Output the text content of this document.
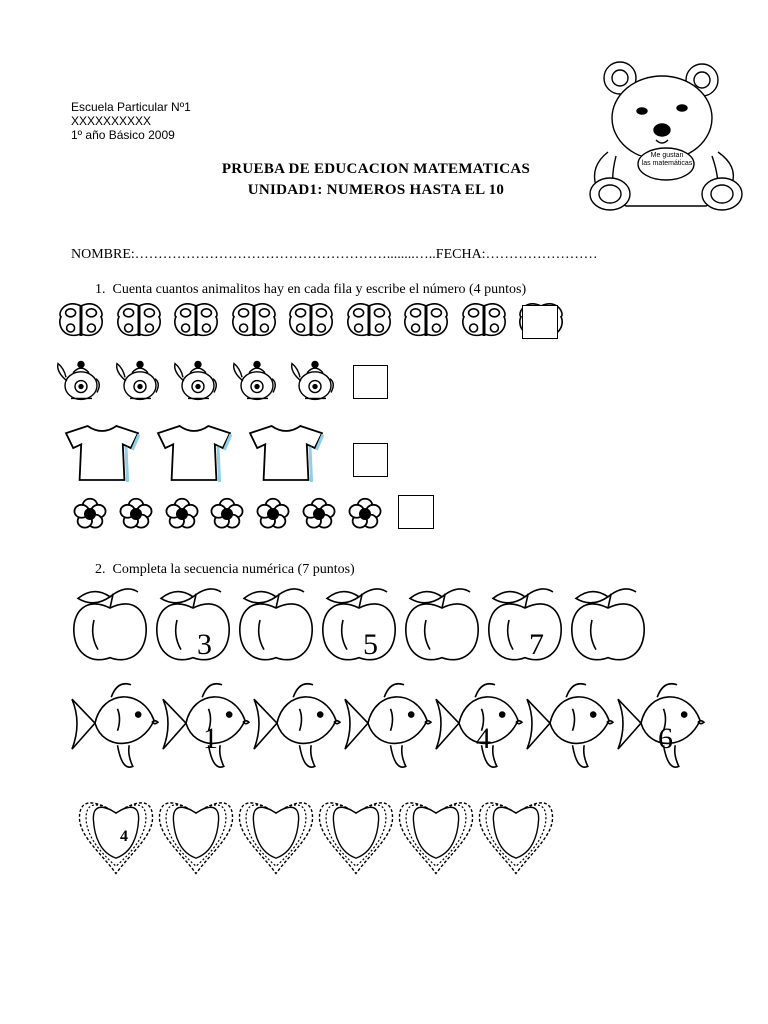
Escuela Particular Nº1
XXXXXXXXXX
1º año Básico 2009
PRUEBA DE EDUCACION MATEMATICAS
UNIDAD1: NUMEROS HASTA EL 10
Me gustan
las matemáticas
NOMBRE:………………………………………………........…..FECHA:……………………
1. Cuenta cuantos animalitos hay en cada fila y escribe el número (4 puntos)
2. Completa la secuencia numérica (7 puntos)
3	5	7
1	4	6
4
